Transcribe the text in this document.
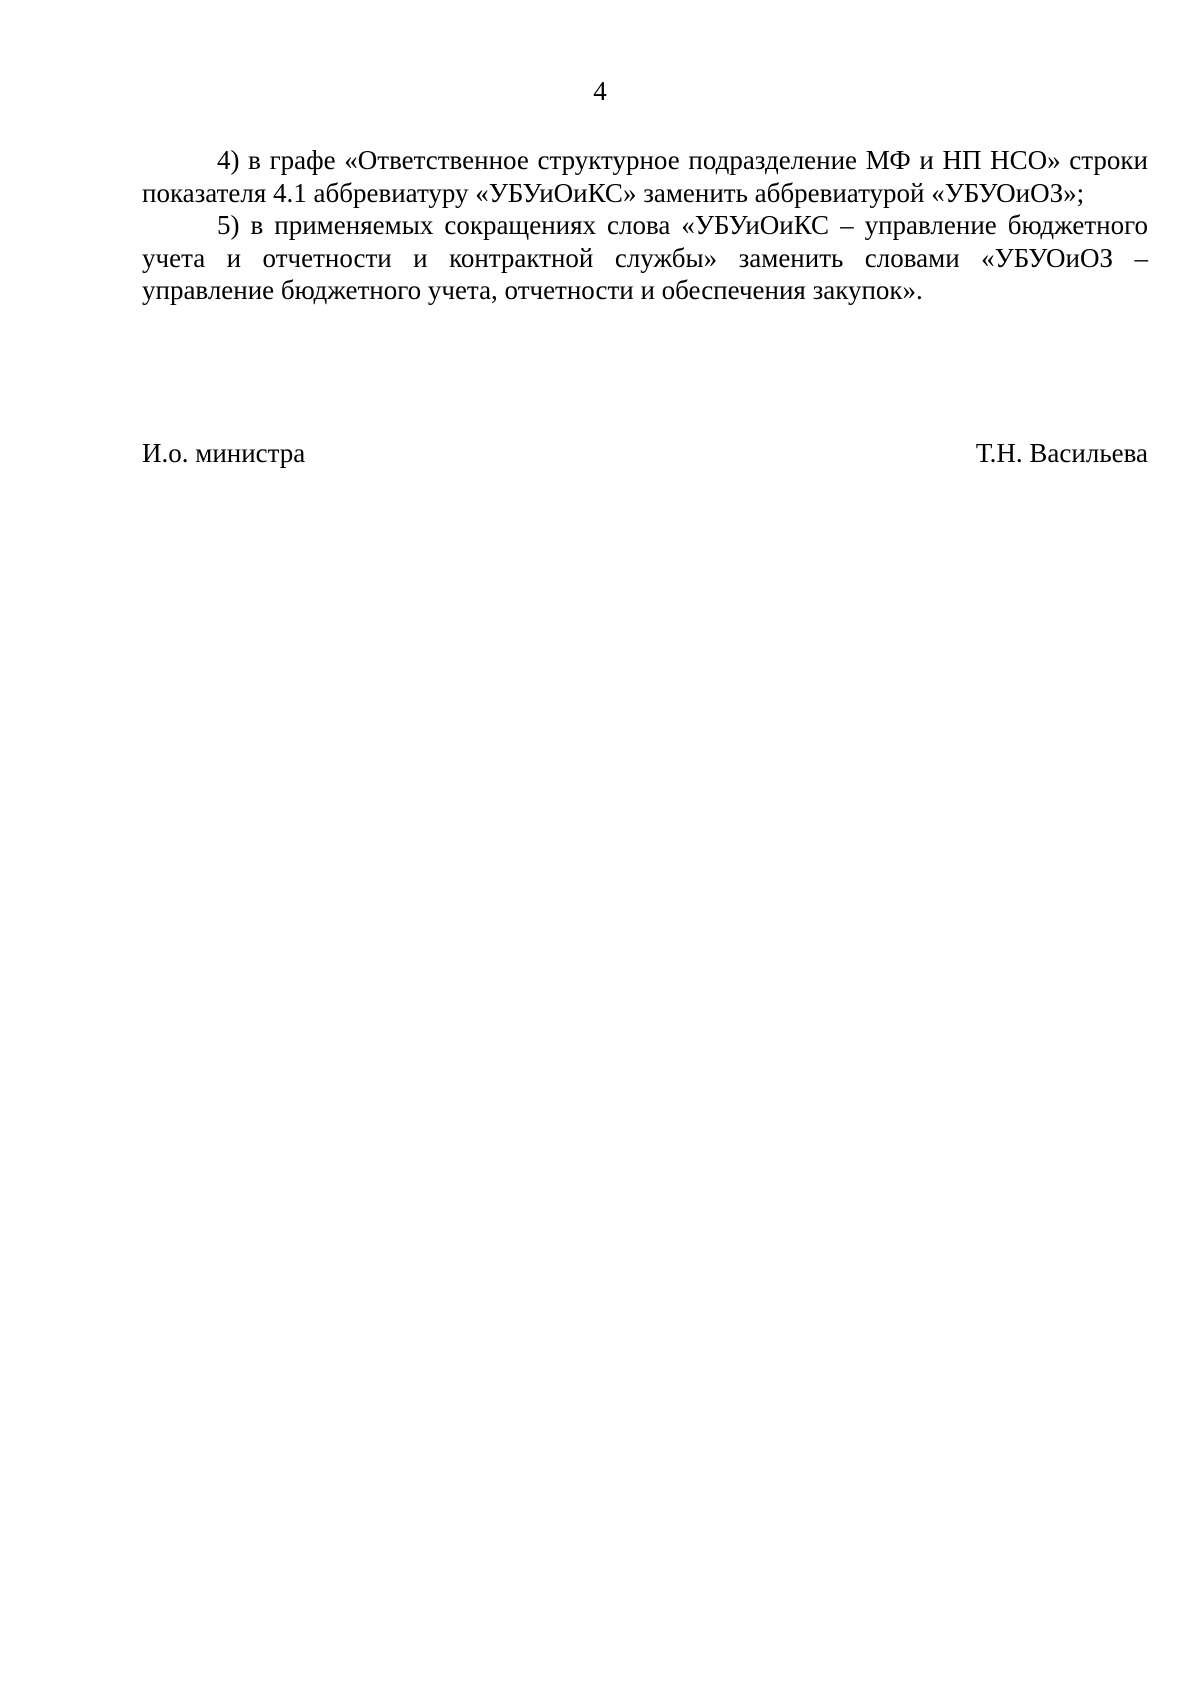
4

4) в графе «Ответственное структурное подразделение МФ и НП НСО» строки показателя 4.1 аббревиатуру «УБУиОиКС» заменить аббревиатурой «УБУОиОЗ»;

5) в применяемых сокращениях слова «УБУиОиКС – управление бюджетного учета и отчетности и контрактной службы» заменить словами «УБУОиОЗ – управление бюджетного учета, отчетности и обеспечения закупок».

И.о. министра	Т.Н. Васильева
